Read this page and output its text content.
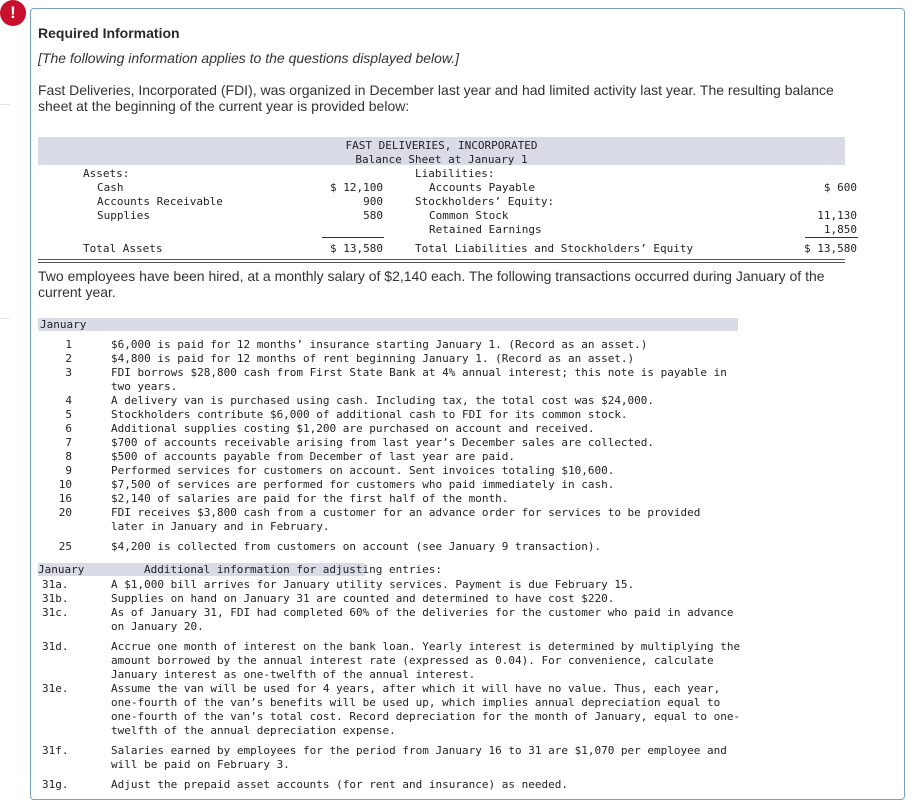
!
Required Information
[The following information applies to the questions displayed below.]
Fast Deliveries, Incorporated (FDI), was organized in December last year and had limited activity last year. The resulting balance sheet at the beginning of the current year is provided below:
FAST DELIVERIES, INCORPORATED
Balance Sheet at January 1
Assets:
Cash	$ 12,100
Accounts Receivable	900
Supplies	580
Total Assets	$ 13,580
Liabilities:
Accounts Payable	$ 600
Stockholders’ Equity:
Common Stock	11,130
Retained Earnings	1,850
Total Liabilities and Stockholders’ Equity	$ 13,580
Two employees have been hired, at a monthly salary of $2,140 each. The following transactions occurred during January of the current year.
January
1	$6,000 is paid for 12 months’ insurance starting January 1. (Record as an asset.)
2	$4,800 is paid for 12 months of rent beginning January 1. (Record as an asset.)
3	FDI borrows $28,800 cash from First State Bank at 4% annual interest; this note is payable in
two years.
4	A delivery van is purchased using cash. Including tax, the total cost was $24,000.
5	Stockholders contribute $6,000 of additional cash to FDI for its common stock.
6	Additional supplies costing $1,200 are purchased on account and received.
7	$700 of accounts receivable arising from last year’s December sales are collected.
8	$500 of accounts payable from December of last year are paid.
9	Performed services for customers on account. Sent invoices totaling $10,600.
10	$7,500 of services are performed for customers who paid immediately in cash.
16	$2,140 of salaries are paid for the first half of the month.
20	FDI receives $3,800 cash from a customer for an advance order for services to be provided
later in January and in February.
25	$4,200 is collected from customers on account (see January 9 transaction).
January	Additional information for adjusting entries:
31a.	A $1,000 bill arrives for January utility services. Payment is due February 15.
31b.	Supplies on hand on January 31 are counted and determined to have cost $220.
31c.	As of January 31, FDI had completed 60% of the deliveries for the customer who paid in advance
on January 20.
31d.	Accrue one month of interest on the bank loan. Yearly interest is determined by multiplying the
amount borrowed by the annual interest rate (expressed as 0.04). For convenience, calculate
January interest as one-twelfth of the annual interest.
31e.	Assume the van will be used for 4 years, after which it will have no value. Thus, each year,
one-fourth of the van’s benefits will be used up, which implies annual depreciation equal to
one-fourth of the van’s total cost. Record depreciation for the month of January, equal to one-
twelfth of the annual depreciation expense.
31f.	Salaries earned by employees for the period from January 16 to 31 are $1,070 per employee and
will be paid on February 3.
31g.	Adjust the prepaid asset accounts (for rent and insurance) as needed.
